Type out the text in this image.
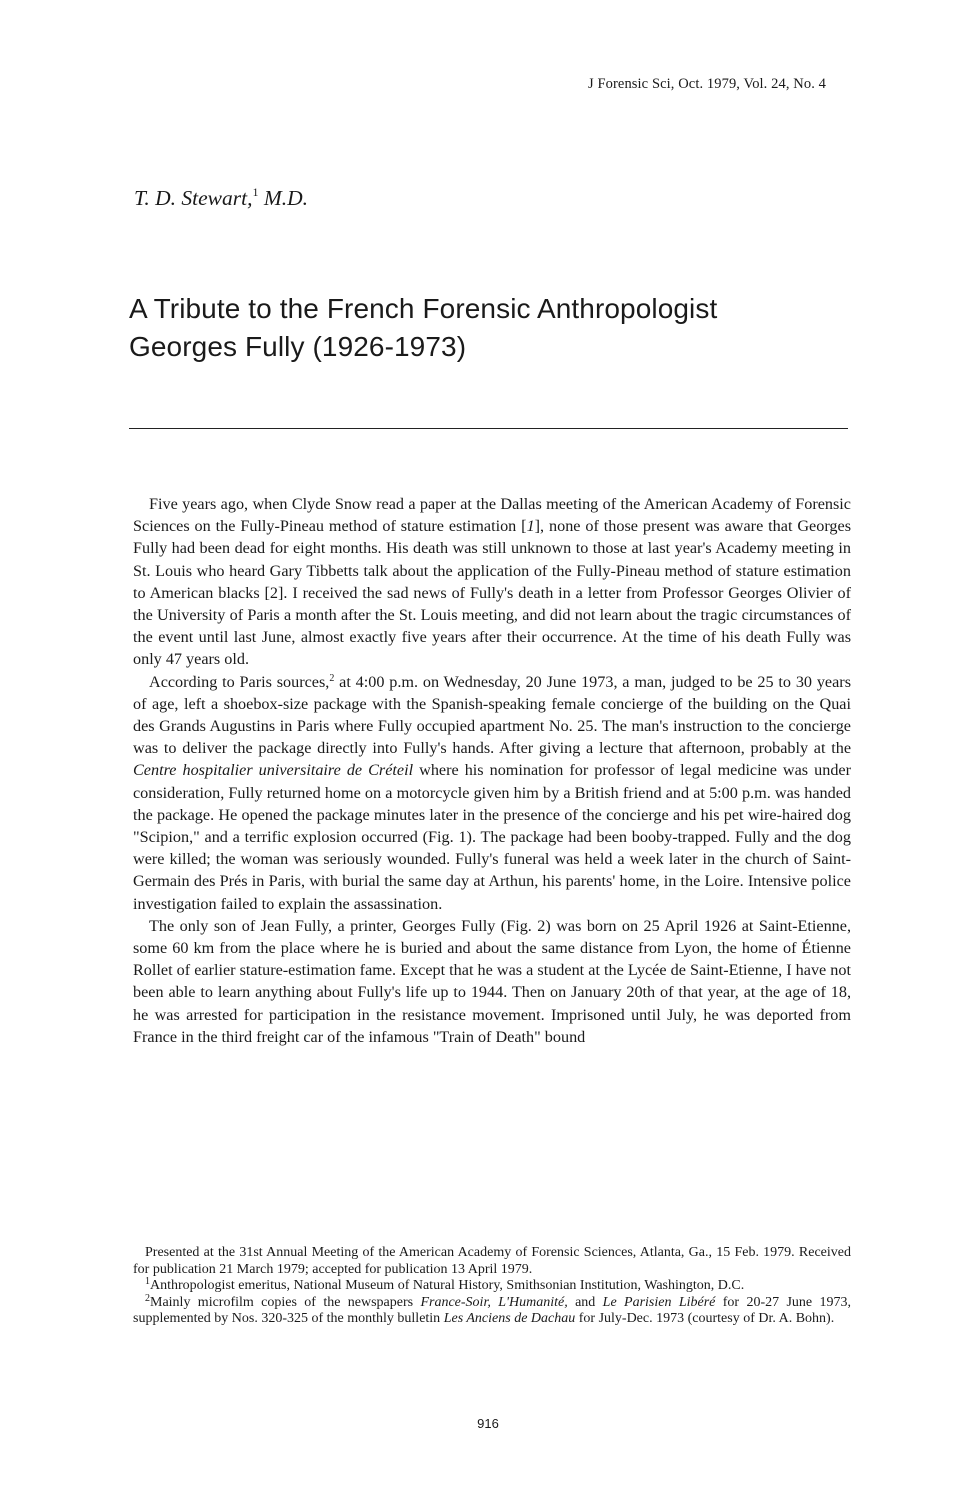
J Forensic Sci, Oct. 1979, Vol. 24, No. 4
T. D. Stewart,$^1$ M.D.
A Tribute to the French Forensic Anthropologist
Georges Fully (1926-1973)

Five years ago, when Clyde Snow read a paper at the Dallas meeting of the American Academy of Forensic Sciences on the Fully-Pineau method of stature estimation [1], none of those present was aware that Georges Fully had been dead for eight months. His death was still unknown to those at last year's Academy meeting in St. Louis who heard Gary Tibbetts talk about the application of the Fully-Pineau method of stature estimation to American blacks [2]. I received the sad news of Fully's death in a letter from Professor Georges Olivier of the University of Paris a month after the St. Louis meeting, and did not learn about the tragic circumstances of the event until last June, almost exactly five years after their occurrence. At the time of his death Fully was only 47 years old.

According to Paris sources,$^2$ at 4:00 p.m. on Wednesday, 20 June 1973, a man, judged to be 25 to 30 years of age, left a shoebox-size package with the Spanish-speaking female concierge of the building on the Quai des Grands Augustins in Paris where Fully occupied apartment No. 25. The man's instruction to the concierge was to deliver the package directly into Fully's hands. After giving a lecture that afternoon, probably at the Centre hospitalier universitaire de Créteil where his nomination for professor of legal medicine was under consideration, Fully returned home on a motorcycle given him by a British friend and at 5:00 p.m. was handed the package. He opened the package minutes later in the presence of the concierge and his pet wire-haired dog "Scipion," and a terrific explosion occurred (Fig. 1). The package had been booby-trapped. Fully and the dog were killed; the woman was seriously wounded. Fully's funeral was held a week later in the church of Saint-Germain des Prés in Paris, with burial the same day at Arthun, his parents' home, in the Loire. Intensive police investigation failed to explain the assassination.

The only son of Jean Fully, a printer, Georges Fully (Fig. 2) was born on 25 April 1926 at Saint-Etienne, some 60 km from the place where he is buried and about the same distance from Lyon, the home of Étienne Rollet of earlier stature-estimation fame. Except that he was a student at the Lycée de Saint-Etienne, I have not been able to learn anything about Fully's life up to 1944. Then on January 20th of that year, at the age of 18, he was arrested for participation in the resistance movement. Imprisoned until July, he was deported from France in the third freight car of the infamous "Train of Death" bound

Presented at the 31st Annual Meeting of the American Academy of Forensic Sciences, Atlanta, Ga., 15 Feb. 1979. Received for publication 21 March 1979; accepted for publication 13 April 1979.

$^1$Anthropologist emeritus, National Museum of Natural History, Smithsonian Institution, Washington, D.C.

$^2$Mainly microfilm copies of the newspapers France-Soir, L'Humanité, and Le Parisien Libéré for 20-27 June 1973, supplemented by Nos. 320-325 of the monthly bulletin Les Anciens de Dachau for July-Dec. 1973 (courtesy of Dr. A. Bohn).

916
